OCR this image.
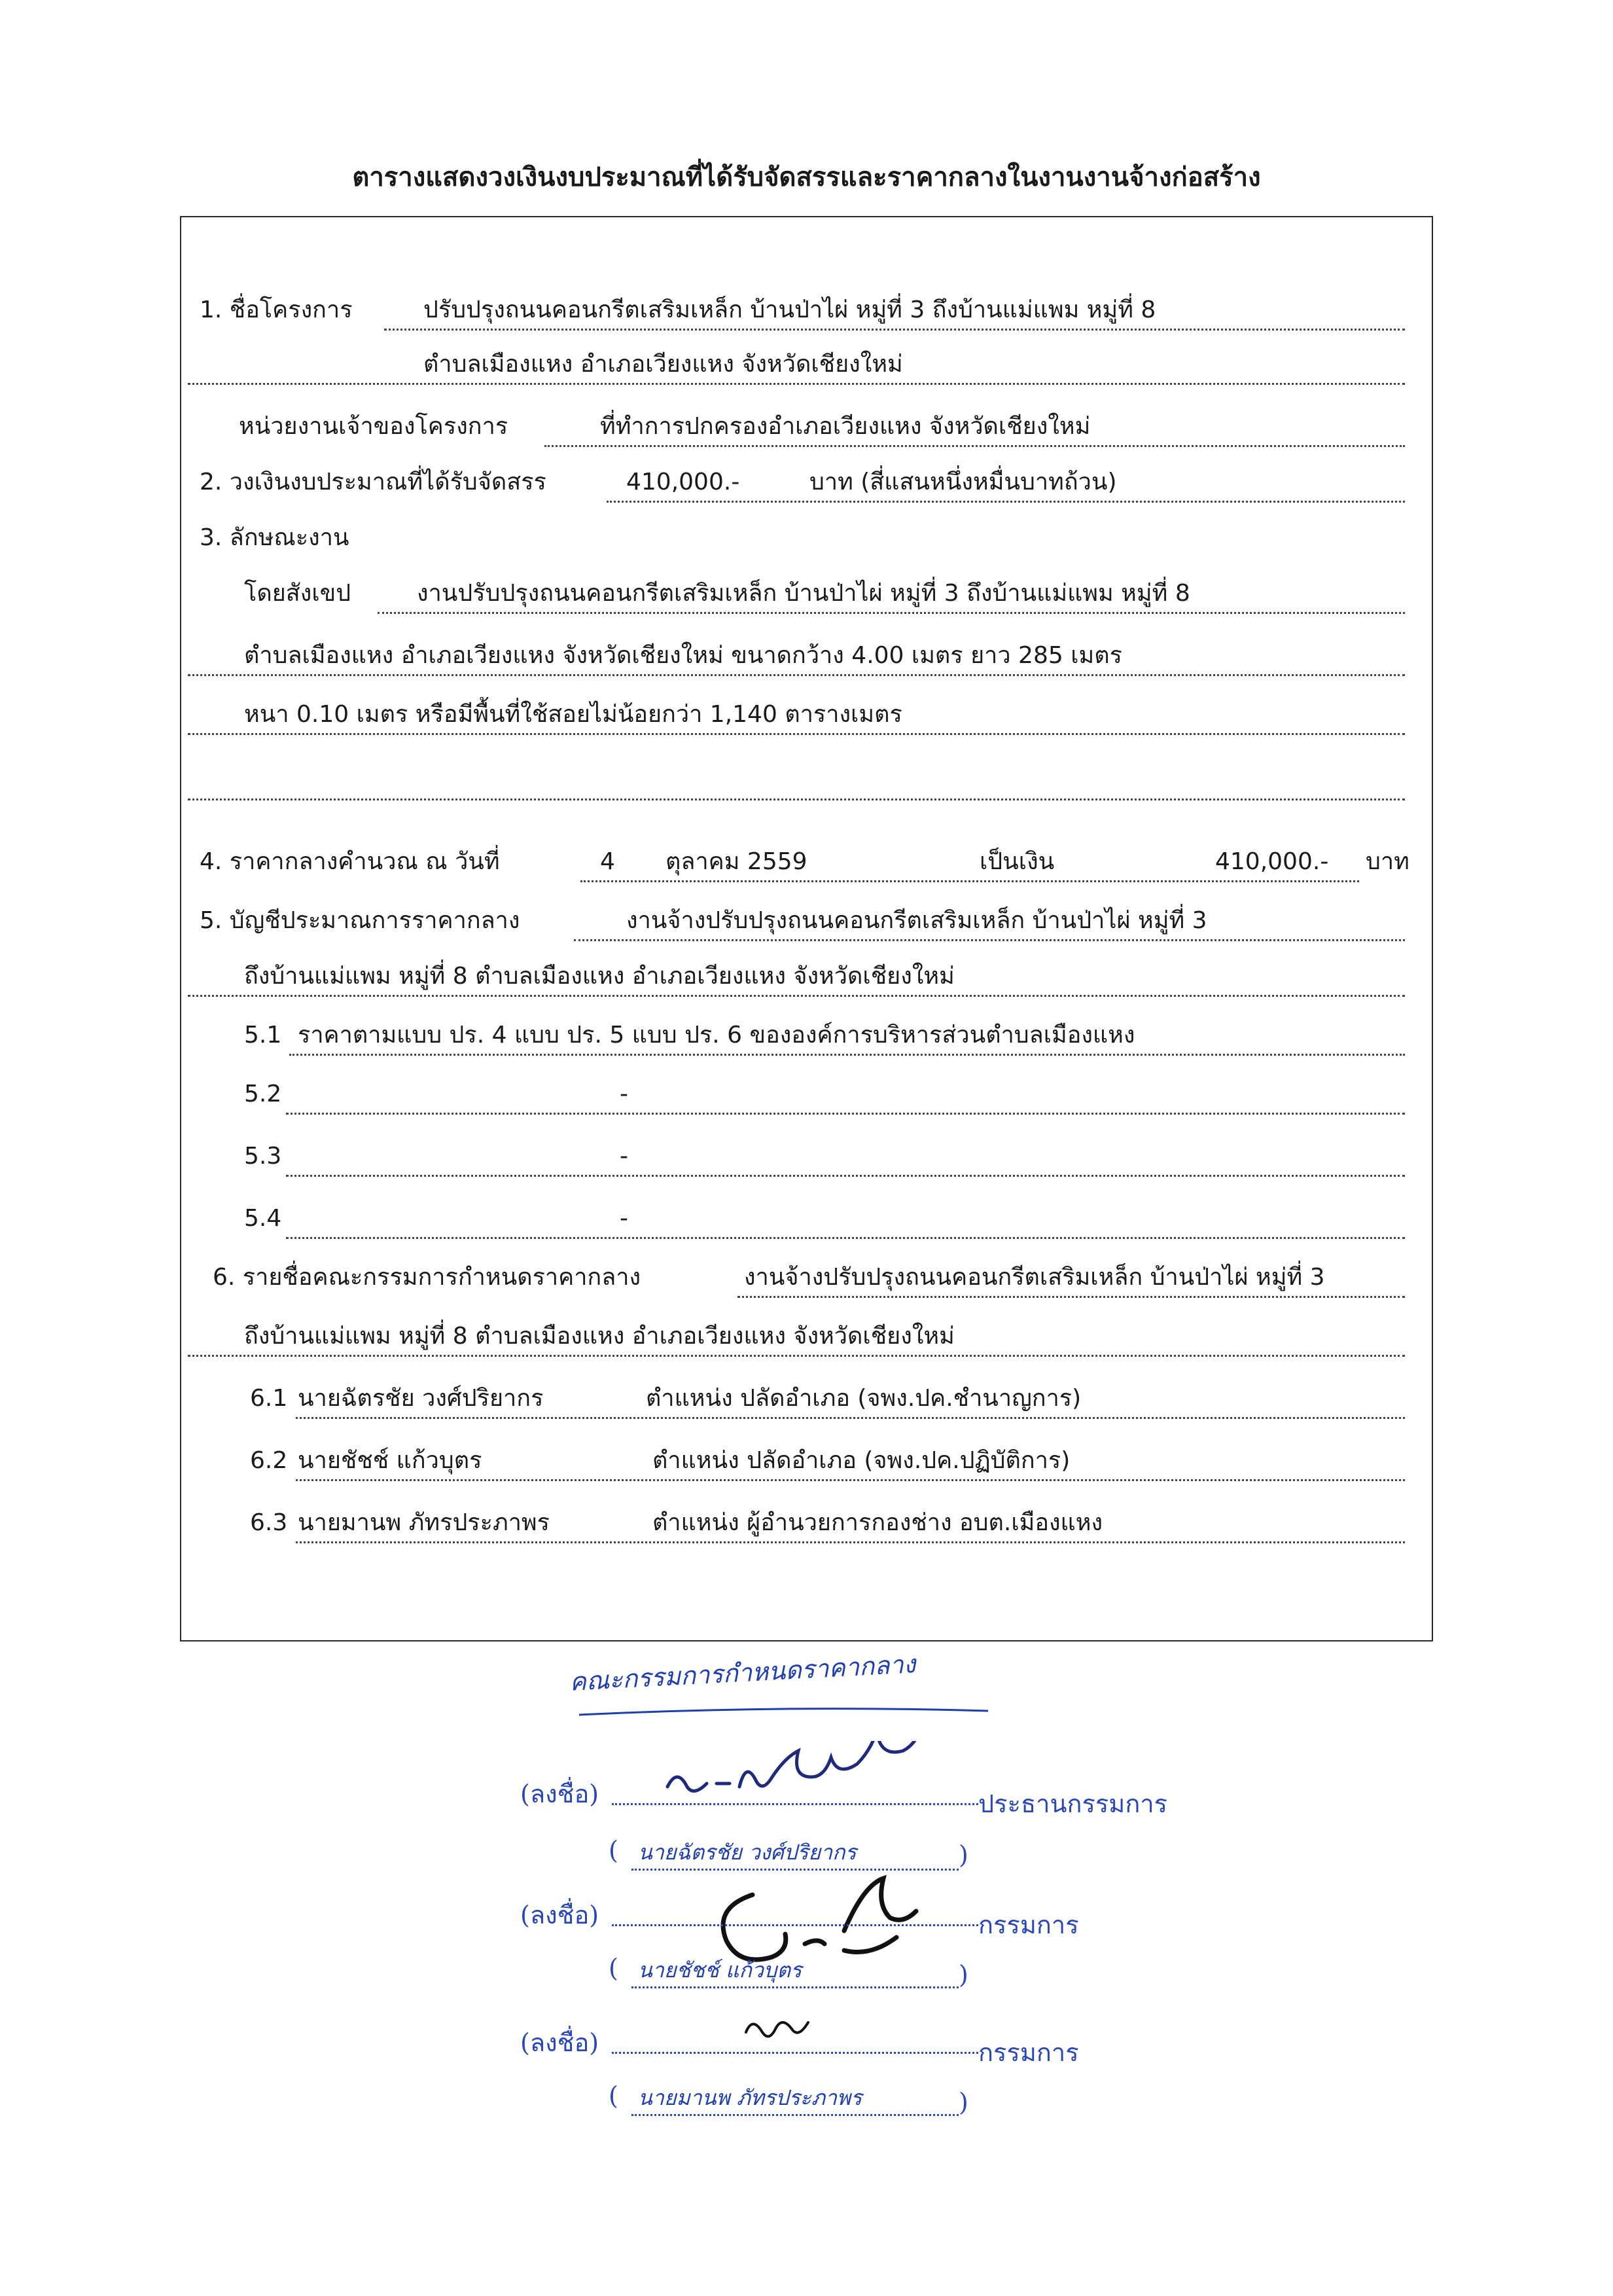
ตารางแสดงวงเงินงบประมาณที่ได้รับจัดสรรและราคากลางในงานงานจ้างก่อสร้าง
1. ชื่อโครงการ	ปรับปรุงถนนคอนกรีตเสริมเหล็ก บ้านป่าไผ่ หมู่ที่ 3 ถึงบ้านแม่แพม หมู่ที่ 8
ตำบลเมืองแหง อำเภอเวียงแหง จังหวัดเชียงใหม่
หน่วยงานเจ้าของโครงการ	ที่ทำการปกครองอำเภอเวียงแหง จังหวัดเชียงใหม่
2. วงเงินงบประมาณที่ได้รับจัดสรร	410,000.-	บาท (สี่แสนหนึ่งหมื่นบาทถ้วน)
3. ลักษณะงาน
โดยสังเขป	งานปรับปรุงถนนคอนกรีตเสริมเหล็ก บ้านป่าไผ่ หมู่ที่ 3 ถึงบ้านแม่แพม หมู่ที่ 8
ตำบลเมืองแหง อำเภอเวียงแหง จังหวัดเชียงใหม่ ขนาดกว้าง 4.00 เมตร ยาว 285 เมตร
หนา 0.10 เมตร หรือมีพื้นที่ใช้สอยไม่น้อยกว่า 1,140 ตารางเมตร
4. ราคากลางคำนวณ ณ วันที่	4 ตุลาคม 2559	เป็นเงิน	410,000.- บาท
5. บัญชีประมาณการราคากลาง	งานจ้างปรับปรุงถนนคอนกรีตเสริมเหล็ก บ้านป่าไผ่ หมู่ที่ 3
ถึงบ้านแม่แพม หมู่ที่ 8 ตำบลเมืองแหง อำเภอเวียงแหง จังหวัดเชียงใหม่
5.1 ราคาตามแบบ ปร. 4 แบบ ปร. 5 แบบ ปร. 6 ขององค์การบริหารส่วนตำบลเมืองแหง
5.2	-
5.3	-
5.4	-
6. รายชื่อคณะกรรมการกำหนดราคากลาง	งานจ้างปรับปรุงถนนคอนกรีตเสริมเหล็ก บ้านป่าไผ่ หมู่ที่ 3
ถึงบ้านแม่แพม หมู่ที่ 8 ตำบลเมืองแหง อำเภอเวียงแหง จังหวัดเชียงใหม่
6.1 นายฉัตรชัย วงศ์ปริยากร	ตำแหน่ง ปลัดอำเภอ (จพง.ปค.ชำนาญการ)
6.2 นายชัชช์ แก้วบุตร	ตำแหน่ง ปลัดอำเภอ (จพง.ปค.ปฏิบัติการ)
6.3 นายมานพ ภัทรประภาพร	ตำแหน่ง ผู้อำนวยการกองช่าง อบต.เมืองแหง
คณะกรรมการกำหนดราคากลาง
(ลงชื่อ)	ประธานกรรมการ
( นายฉัตรชัย วงศ์ปริยากร	)
(ลงชื่อ)	กรรมการ
( นายชัชช์ แก้วบุตร	)
(ลงชื่อ)	กรรมการ
( นายมานพ ภัทรประภาพร	)
